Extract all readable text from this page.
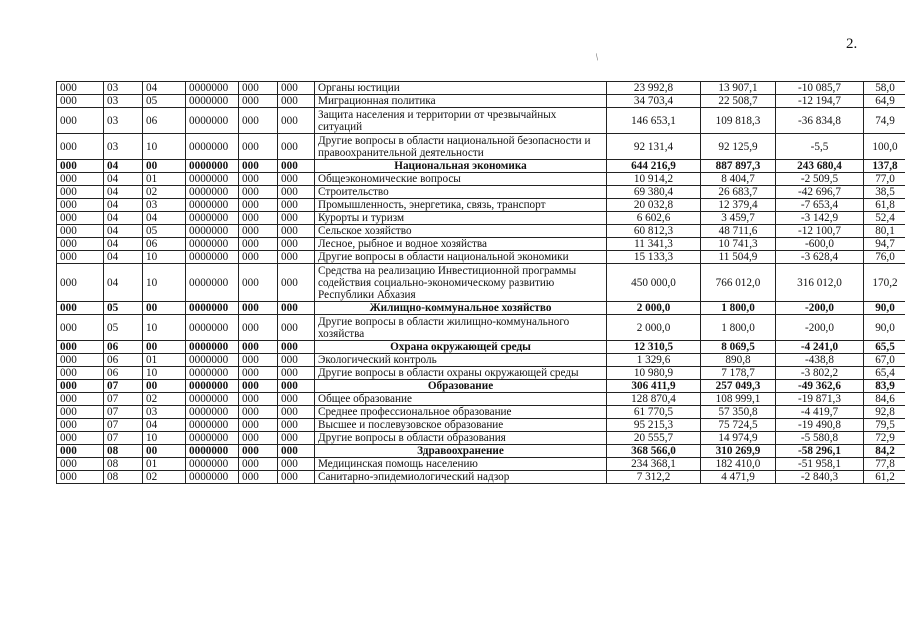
2.
/
000	03	04	0000000	000	000	Органы юстиции	23 992,8	13 907,1	-10 085,7	58,0
000	03	05	0000000	000	000	Миграционная политика	34 703,4	22 508,7	-12 194,7	64,9
000	03	06	0000000	000	000	Защита населения и территории от чрезвычайных ситуаций	146 653,1	109 818,3	-36 834,8	74,9
000	03	10	0000000	000	000	Другие вопросы в области национальной безопасности и правоохранительной деятельности	92 131,4	92 125,9	-5,5	100,0
000	04	00	0000000	000	000	Национальная экономика	644 216,9	887 897,3	243 680,4	137,8
000	04	01	0000000	000	000	Общеэкономические вопросы	10 914,2	8 404,7	-2 509,5	77,0
000	04	02	0000000	000	000	Строительство	69 380,4	26 683,7	-42 696,7	38,5
000	04	03	0000000	000	000	Промышленность, энергетика, связь, транспорт	20 032,8	12 379,4	-7 653,4	61,8
000	04	04	0000000	000	000	Курорты и туризм	6 602,6	3 459,7	-3 142,9	52,4
000	04	05	0000000	000	000	Сельское хозяйство	60 812,3	48 711,6	-12 100,7	80,1
000	04	06	0000000	000	000	Лесное, рыбное и водное хозяйства	11 341,3	10 741,3	-600,0	94,7
000	04	10	0000000	000	000	Другие вопросы в области национальной экономики	15 133,3	11 504,9	-3 628,4	76,0
000	04	10	0000000	000	000	Средства на реализацию Инвестиционной программы содействия социально-экономическому развитию Республики Абхазия	450 000,0	766 012,0	316 012,0	170,2
000	05	00	0000000	000	000	Жилищно-коммунальное хозяйство	2 000,0	1 800,0	-200,0	90,0
000	05	10	0000000	000	000	Другие вопросы в области жилищно-коммунального хозяйства	2 000,0	1 800,0	-200,0	90,0
000	06	00	0000000	000	000	Охрана окружающей среды	12 310,5	8 069,5	-4 241,0	65,5
000	06	01	0000000	000	000	Экологический контроль	1 329,6	890,8	-438,8	67,0
000	06	10	0000000	000	000	Другие вопросы в области охраны окружающей среды	10 980,9	7 178,7	-3 802,2	65,4
000	07	00	0000000	000	000	Образование	306 411,9	257 049,3	-49 362,6	83,9
000	07	02	0000000	000	000	Общее образование	128 870,4	108 999,1	-19 871,3	84,6
000	07	03	0000000	000	000	Среднее профессиональное образование	61 770,5	57 350,8	-4 419,7	92,8
000	07	04	0000000	000	000	Высшее и послевузовское образование	95 215,3	75 724,5	-19 490,8	79,5
000	07	10	0000000	000	000	Другие вопросы в области образования	20 555,7	14 974,9	-5 580,8	72,9
000	08	00	0000000	000	000	Здравоохранение	368 566,0	310 269,9	-58 296,1	84,2
000	08	01	0000000	000	000	Медицинская помощь населению	234 368,1	182 410,0	-51 958,1	77,8
000	08	02	0000000	000	000	Санитарно-эпидемиологический надзор	7 312,2	4 471,9	-2 840,3	61,2
